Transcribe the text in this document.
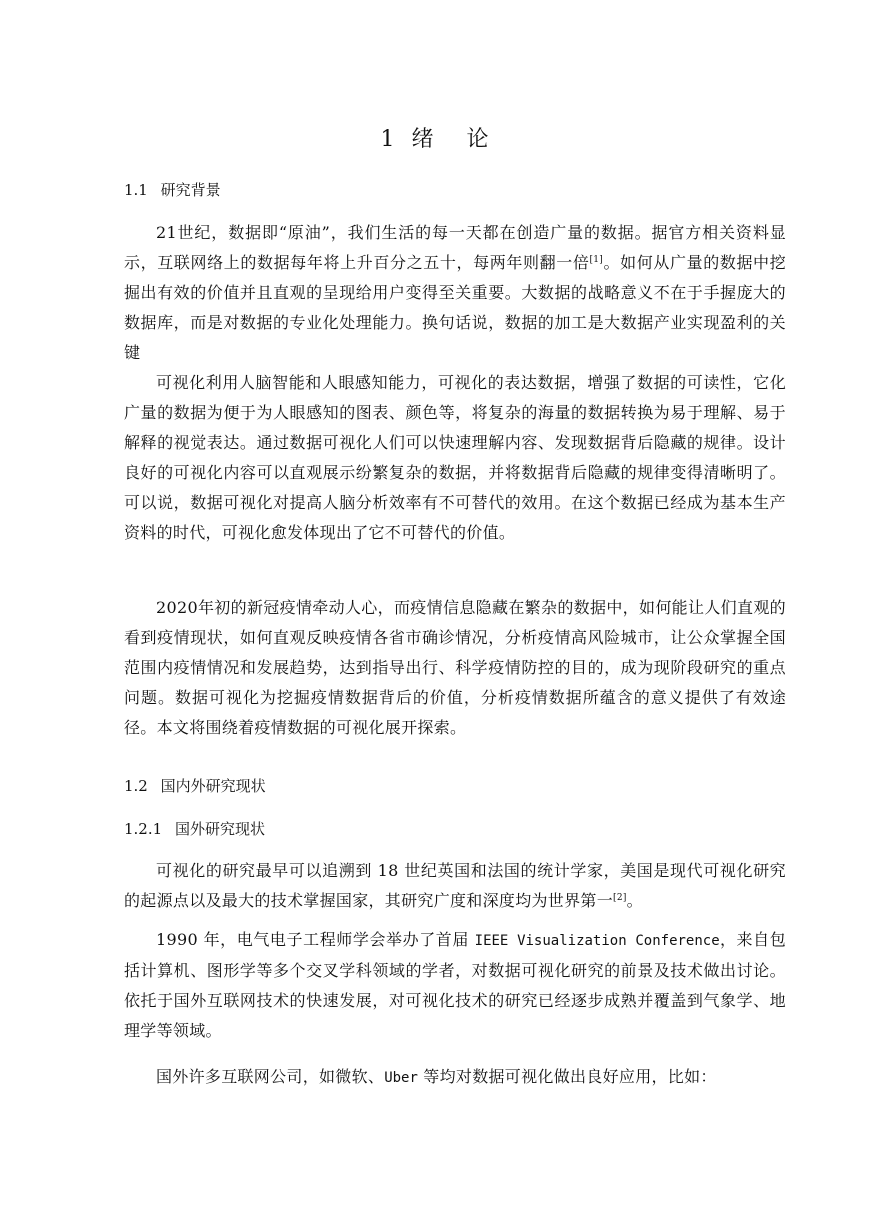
1 绪 论
1.1 研究背景

21世纪，数据即“原油”，我们生活的每一天都在创造广量的数据。据官方相关资料显示，互联网络上的数据每年将上升百分之五十，每两年则翻一倍[1]。如何从广量的数据中挖掘出有效的价值并且直观的呈现给用户变得至关重要。大数据的战略意义不在于手握庞大的数据库，而是对数据的专业化处理能力。换句话说，数据的加工是大数据产业实现盈利的关键

可视化利用人脑智能和人眼感知能力，可视化的表达数据，增强了数据的可读性，它化广量的数据为便于为人眼感知的图表、颜色等，将复杂的海量的数据转换为易于理解、易于解释的视觉表达。通过数据可视化人们可以快速理解内容、发现数据背后隐藏的规律。设计良好的可视化内容可以直观展示纷繁复杂的数据，并将数据背后隐藏的规律变得清晰明了。可以说，数据可视化对提高人脑分析效率有不可替代的效用。在这个数据已经成为基本生产资料的时代，可视化愈发体现出了它不可替代的价值。

2020年初的新冠疫情牵动人心，而疫情信息隐藏在繁杂的数据中，如何能让人们直观的看到疫情现状，如何直观反映疫情各省市确诊情况，分析疫情高风险城市，让公众掌握全国范围内疫情情况和发展趋势，达到指导出行、科学疫情防控的目的，成为现阶段研究的重点问题。数据可视化为挖掘疫情数据背后的价值，分析疫情数据所蕴含的意义提供了有效途径。本文将围绕着疫情数据的可视化展开探索。

1.2 国内外研究现状
1.2.1 国外研究现状

可视化的研究最早可以追溯到 18 世纪英国和法国的统计学家，美国是现代可视化研究的起源点以及最大的技术掌握国家，其研究广度和深度均为世界第一[2]。

1990 年，电气电子工程师学会举办了首届 IEEE Visualization Conference，来自包括计算机、图形学等多个交叉学科领域的学者，对数据可视化研究的前景及技术做出讨论。依托于国外互联网技术的快速发展，对可视化技术的研究已经逐步成熟并覆盖到气象学、地理学等领域。

国外许多互联网公司，如微软、Uber 等均对数据可视化做出良好应用，比如：
